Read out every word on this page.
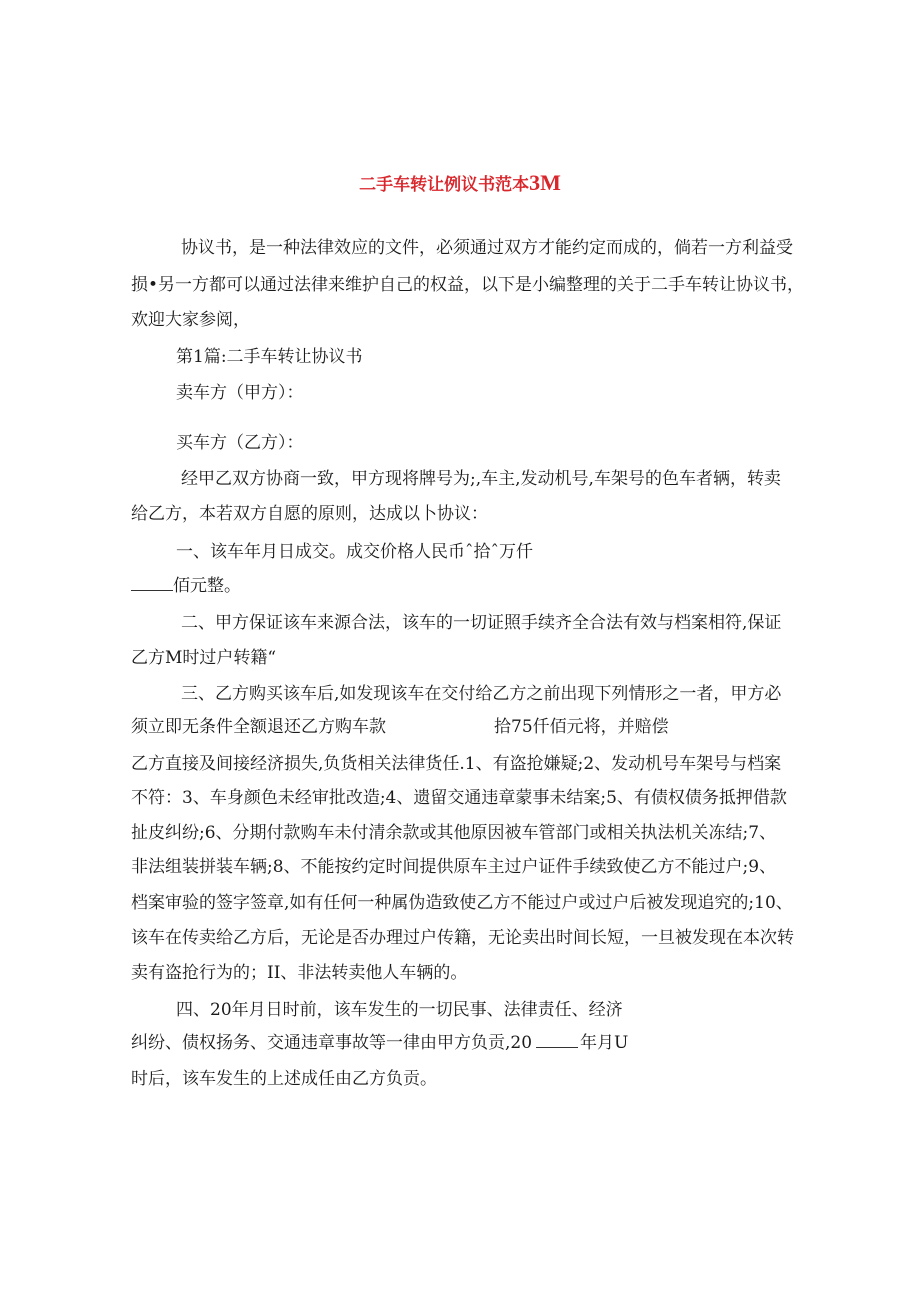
二手车转让例议书范本3M

协议书，是一种法律效应的文件，必须通过双方才能约定而成的，倘若一方利益受

损•另一方都可以通过法律来维护自己的权益，以下是小编整理的关于二手车转让协议书，

欢迎大家参阅，

第1篇:二手车转让协议书

卖车方（甲方）：

买车方（乙方）：

经甲乙双方协商一致，甲方现将牌号为;,车主,发动机号,车架号的色车者辆，转卖

给乙方，本若双方自愿的原则，达成以卜协议：

一、该车年月日成交。成交价格人民币ˆ拾ˆ万仟

佰元整。

二、甲方保证该车来源合法，该车的一切证照手续齐全合法有效与档案相符,保证

乙方M时过户转籍“

三、乙方购买该车后,如发现该车在交付给乙方之前出现下列情形之一者，甲方必

须立即无条件全额退还乙方购车款	拾75仟佰元将，并赔偿

乙方直接及间接经济损失,负货相关法律货任.1、有盗抢嫌疑;2、发动机号车架号与档案

不符：3、车身颜色未经审批改造;4、遗留交通违章蒙事未结案;5、有债权债务抵押借款

扯皮纠纷;6、分期付款购车未付清余款或其他原因被车管部门或相关执法机关冻结;7、

非法组装拼装车辆;8、不能按约定时间提供原车主过户证件手续致使乙方不能过户;9、

档案审验的签字签章,如有任何一种属伪造致使乙方不能过户或过户后被发现追究的;10、

该车在传卖给乙方后，无论是否办理过户传籍，无论卖出时间长短，一旦被发现在本次转

卖有盗抢行为的；II、非法转卖他人车辆的。

四、20年月日时前，该车发生的一切民事、法律责任、经济

纠纷、债权扬务、交通违章事故等一律由甲方负贡,20	年月U

时后，该车发生的上述成任由乙方负贡。
